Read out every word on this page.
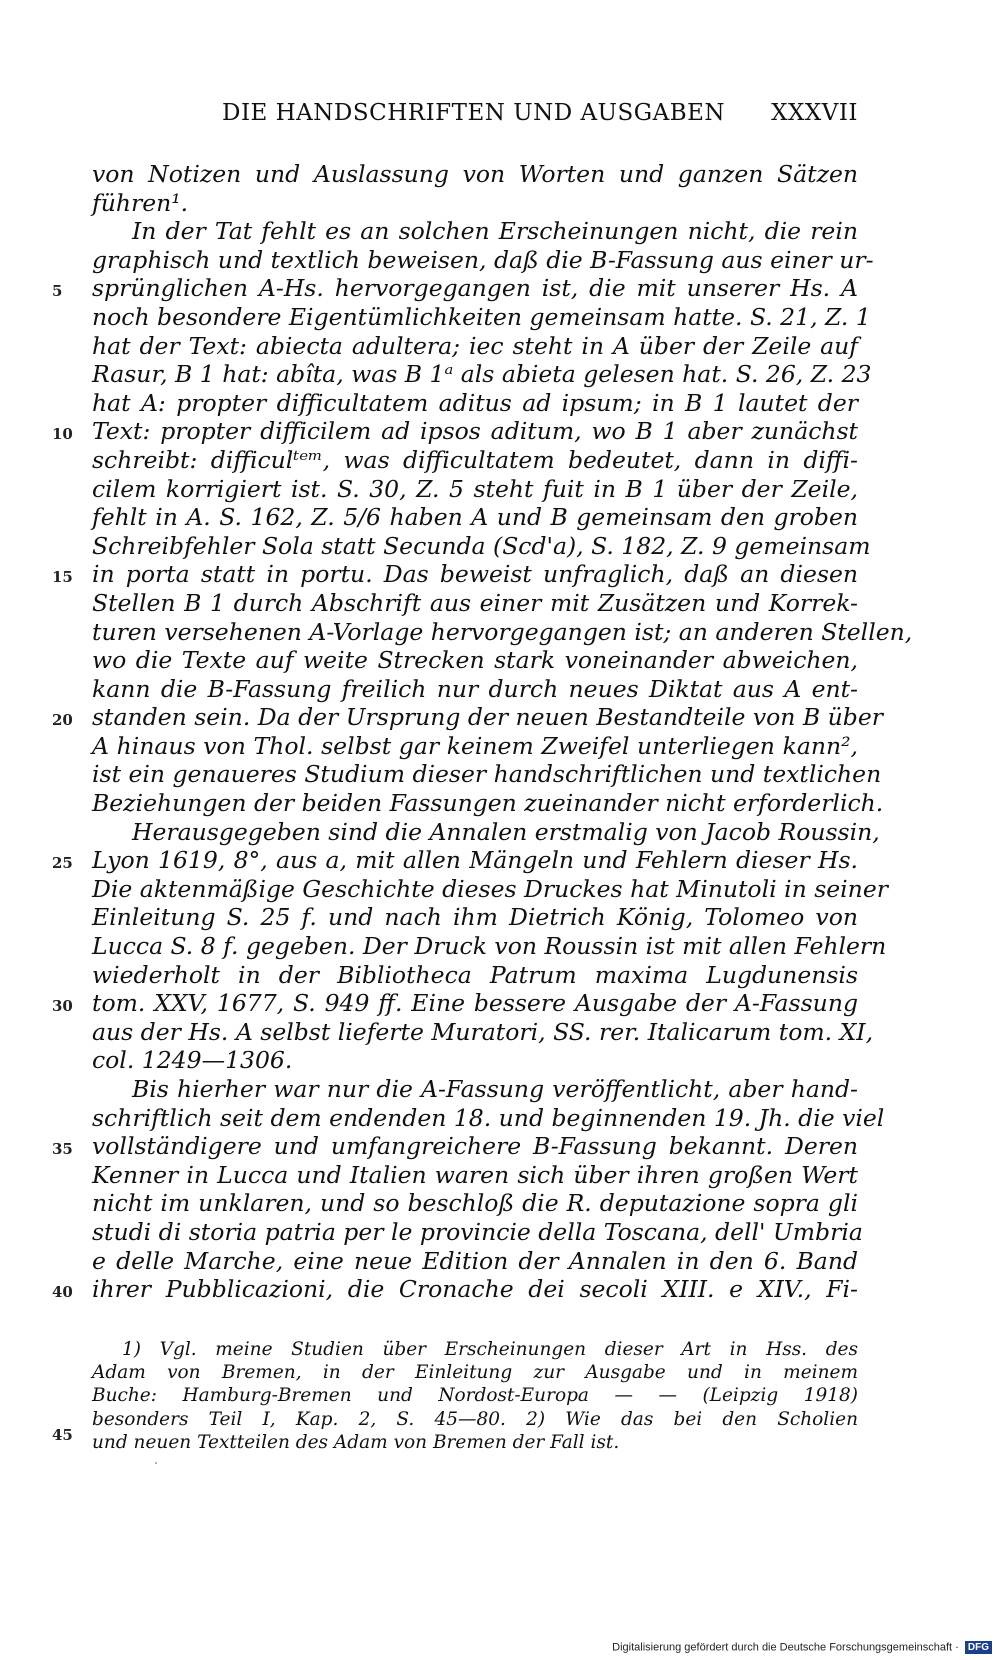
DIE HANDSCHRIFTEN UND AUSGABEN XXXVII
von Notizen und Auslassung von Worten und ganzen Sätzen
führen¹.
In der Tat fehlt es an solchen Erscheinungen nicht, die rein
graphisch und textlich beweisen, daß die B-Fassung aus einer ur-
sprünglichen A-Hs. hervorgegangen ist, die mit unserer Hs. A
noch besondere Eigentümlichkeiten gemeinsam hatte. S. 21, Z. 1
hat der Text: abiecta adultera; iec steht in A über der Zeile auf
Rasur, B 1 hat: abîta, was B 1ᵃ als abieta gelesen hat. S. 26, Z. 23
hat A: propter difficultatem aditus ad ipsum; in B 1 lautet der
Text: propter difficilem ad ipsos aditum, wo B 1 aber zunächst
schreibt: difficulᵗᵉᵐ, was difficultatem bedeutet, dann in diffi-
cilem korrigiert ist. S. 30, Z. 5 steht fuit in B 1 über der Zeile,
fehlt in A. S. 162, Z. 5/6 haben A und B gemeinsam den groben
Schreibfehler Sola statt Secunda (Scd'a), S. 182, Z. 9 gemeinsam
in porta statt in portu. Das beweist unfraglich, daß an diesen
Stellen B 1 durch Abschrift aus einer mit Zusätzen und Korrek-
turen versehenen A-Vorlage hervorgegangen ist; an anderen Stellen,
wo die Texte auf weite Strecken stark voneinander abweichen,
kann die B-Fassung freilich nur durch neues Diktat aus A ent-
standen sein. Da der Ursprung der neuen Bestandteile von B über
A hinaus von Thol. selbst gar keinem Zweifel unterliegen kann²,
ist ein genaueres Studium dieser handschriftlichen und textlichen
Beziehungen der beiden Fassungen zueinander nicht erforderlich.
Herausgegeben sind die Annalen erstmalig von Jacob Roussin,
Lyon 1619, 8°, aus a, mit allen Mängeln und Fehlern dieser Hs.
Die aktenmäßige Geschichte dieses Druckes hat Minutoli in seiner
Einleitung S. 25 f. und nach ihm Dietrich König, Tolomeo von
Lucca S. 8 f. gegeben. Der Druck von Roussin ist mit allen Fehlern
wiederholt in der Bibliotheca Patrum maxima Lugdunensis
tom. XXV, 1677, S. 949 ff. Eine bessere Ausgabe der A-Fassung
aus der Hs. A selbst lieferte Muratori, SS. rer. Italicarum tom. XI,
col. 1249—1306.
Bis hierher war nur die A-Fassung veröffentlicht, aber hand-
schriftlich seit dem endenden 18. und beginnenden 19. Jh. die viel
vollständigere und umfangreichere B-Fassung bekannt. Deren
Kenner in Lucca und Italien waren sich über ihren großen Wert
nicht im unklaren, und so beschloß die R. deputazione sopra gli
studi di storia patria per le provincie della Toscana, dell' Umbria
e delle Marche, eine neue Edition der Annalen in den 6. Band
ihrer Pubblicazioni, die Cronache dei secoli XIII. e XIV., Fi-
5
10
15
20
25
30
35
40
45
1) Vgl. meine Studien über Erscheinungen dieser Art in Hss. des
Adam von Bremen, in der Einleitung zur Ausgabe und in meinem
Buche: Hamburg-Bremen und Nordost-Europa — — (Leipzig 1918)
besonders Teil I, Kap. 2, S. 45—80. 2) Wie das bei den Scholien
und neuen Textteilen des Adam von Bremen der Fall ist.
Digitalisierung gefördert durch die Deutsche Forschungsgemeinschaft · DFG
